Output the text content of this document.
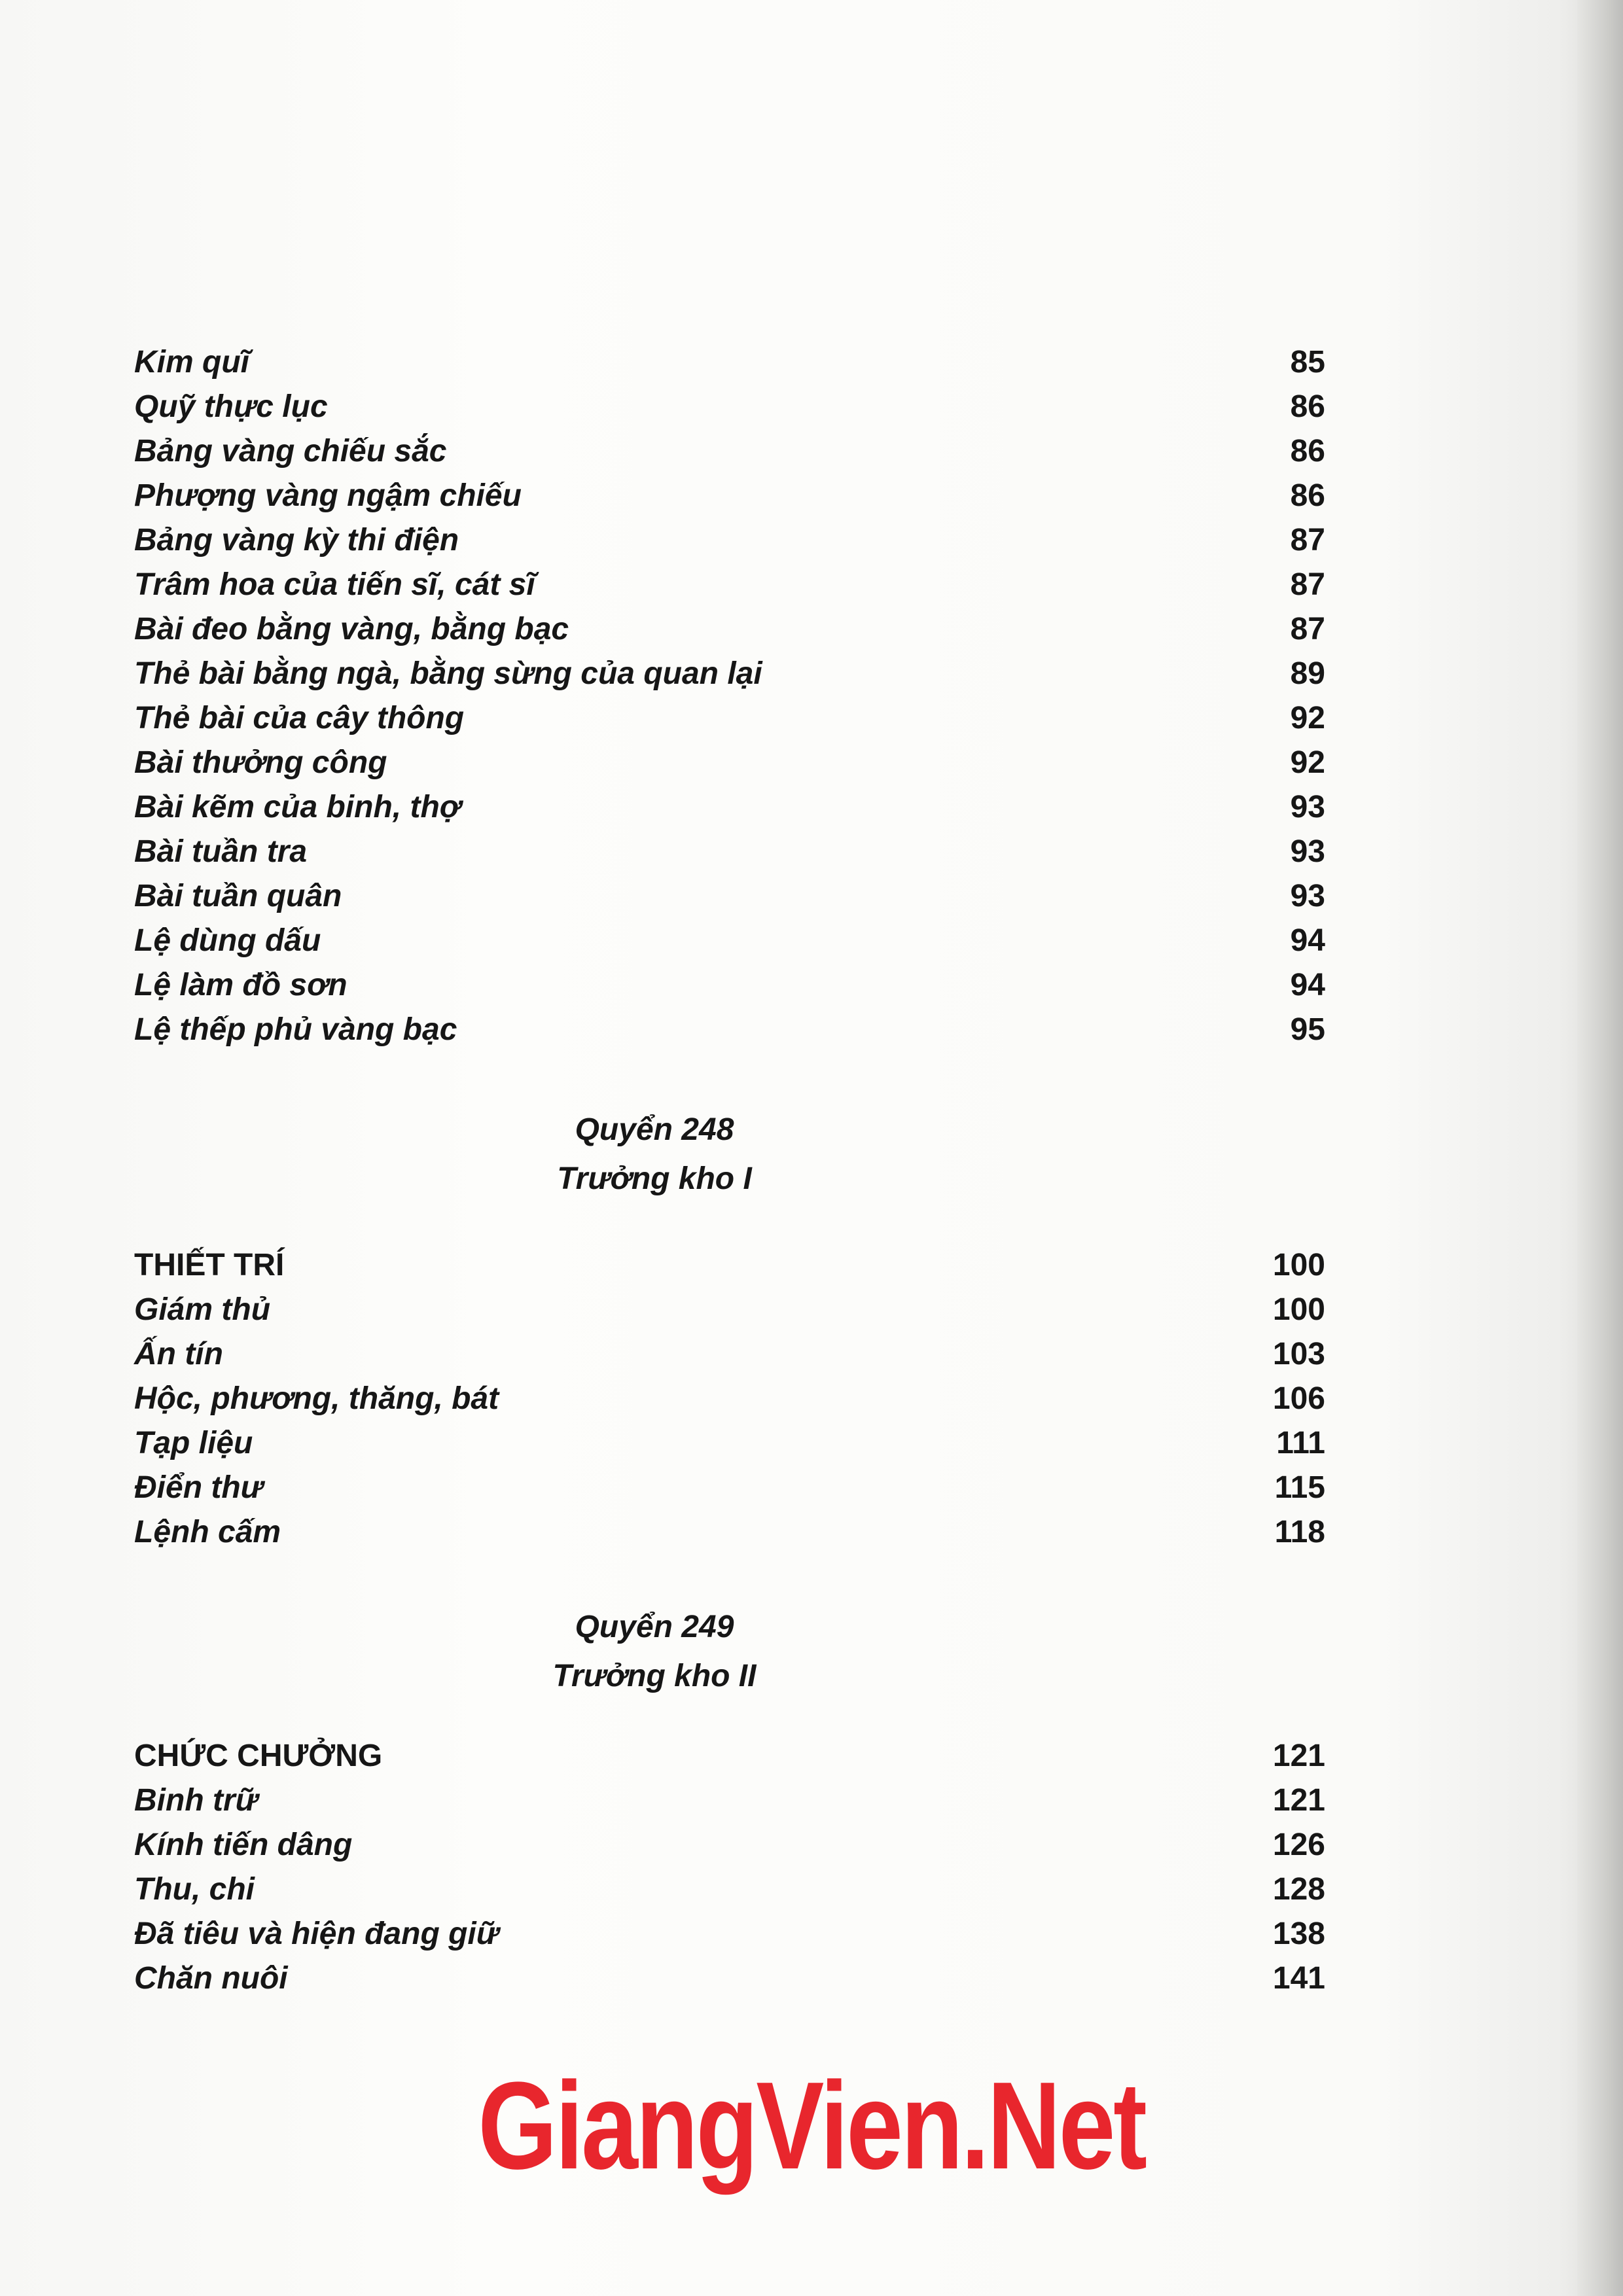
Kim quĩ	85
Quỹ thực lục	86
Bảng vàng chiếu sắc	86
Phượng vàng ngậm chiếu	86
Bảng vàng kỳ thi điện	87
Trâm hoa của tiến sĩ, cát sĩ	87
Bài đeo bằng vàng, bằng bạc	87
Thẻ bài bằng ngà, bằng sừng của quan lại	89
Thẻ bài của cây thông	92
Bài thưởng công	92
Bài kẽm của binh, thợ	93
Bài tuần tra	93
Bài tuần quân	93
Lệ dùng dấu	94
Lệ làm đồ sơn	94
Lệ thếp phủ vàng bạc	95
Quyển 248
Trưởng kho I
THIẾT TRÍ	100
Giám thủ	100
Ấn tín	103
Hộc, phương, thăng, bát	106
Tạp liệu	111
Điển thư	115
Lệnh cấm	118
Quyển 249
Trưởng kho II
CHỨC CHƯỞNG	121
Binh trữ	121
Kính tiến dâng	126
Thu, chi	128
Đã tiêu và hiện đang giữ	138
Chăn nuôi	141
GiangVien.Net
